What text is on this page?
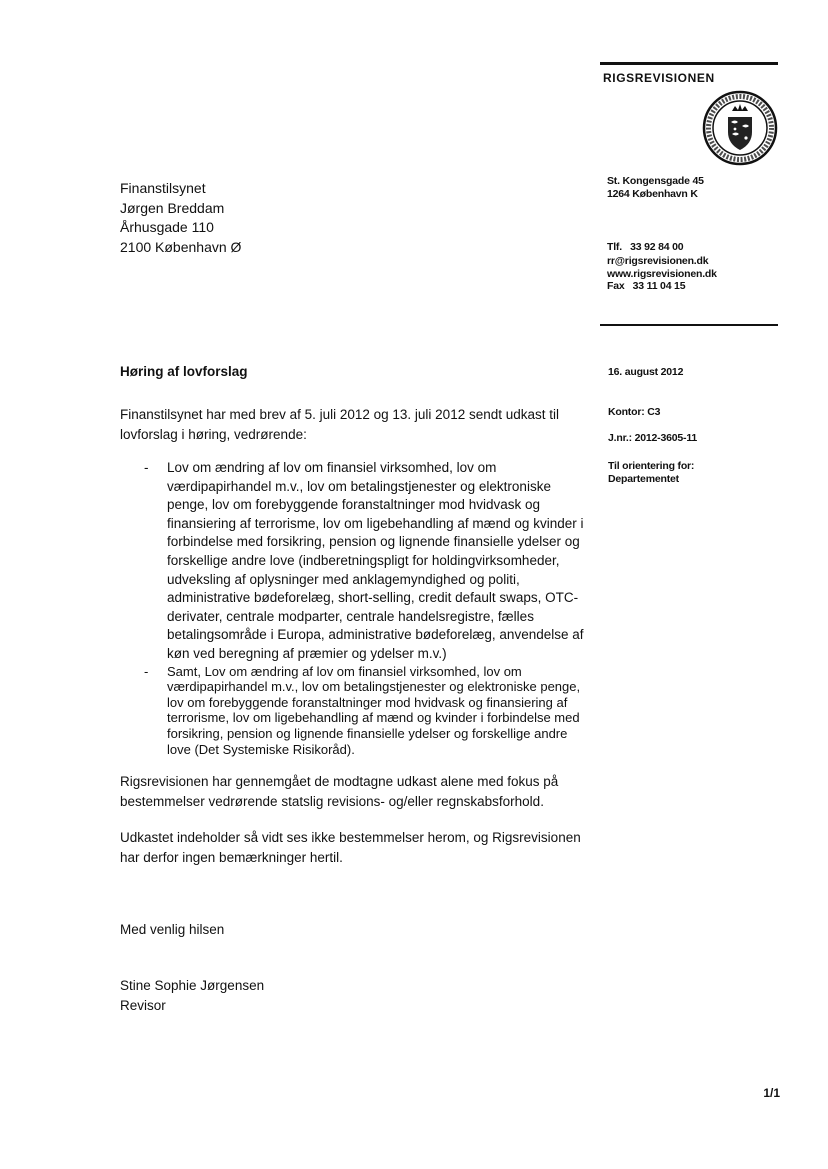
RIGSREVISIONEN
St. Kongensgade 45
1264 København K

Tlf.   33 92 84 00

Fax   33 11 04 15

rr@rigsrevisionen.dk
www.rigsrevisionen.dk
Finanstilsynet
Jørgen Breddam
Århusgade 110
2100 København Ø
16. august 2012
Kontor: C3
J.nr.: 2012-3605-11
Til orientering for:
Departementet
Høring af lovforslag
Finanstilsynet har med brev af 5. juli 2012 og 13. juli 2012 sendt udkast til lovforslag i høring, vedrørende:
- Lov om ændring af lov om finansiel virksomhed, lov om værdipapirhandel m.v., lov om betalingstjenester og elektroniske penge, lov om forebyggende foranstaltninger mod hvidvask og finansiering af terrorisme, lov om ligebehandling af mænd og kvinder i forbindelse med forsikring, pension og lignende finansielle ydelser og forskellige andre love (indberetningspligt for holdingvirksomheder, udveksling af oplysninger med anklagemyndighed og politi, administrative bødeforelæg, short-selling, credit default swaps, OTC-derivater, centrale modparter, centrale handelsregistre, fælles betalingsområde i Europa, administrative bødeforelæg, anvendelse af køn ved beregning af præmier og ydelser m.v.)
- Samt, Lov om ændring af lov om finansiel virksomhed, lov om værdipapirhandel m.v., lov om betalingstjenester og elektroniske penge, lov om forebyggende foranstaltninger mod hvidvask og finansiering af terrorisme, lov om ligebehandling af mænd og kvinder i forbindelse med forsikring, pension og lignende finansielle ydelser og forskellige andre love (Det Systemiske Risikoråd).
Rigsrevisionen har gennemgået de modtagne udkast alene med fokus på bestemmelser vedrørende statslig revisions- og/eller regnskabsforhold.
Udkastet indeholder så vidt ses ikke bestemmelser herom, og Rigsrevisionen har derfor ingen bemærkninger hertil.
Med venlig hilsen
Stine Sophie Jørgensen
Revisor
1/1
